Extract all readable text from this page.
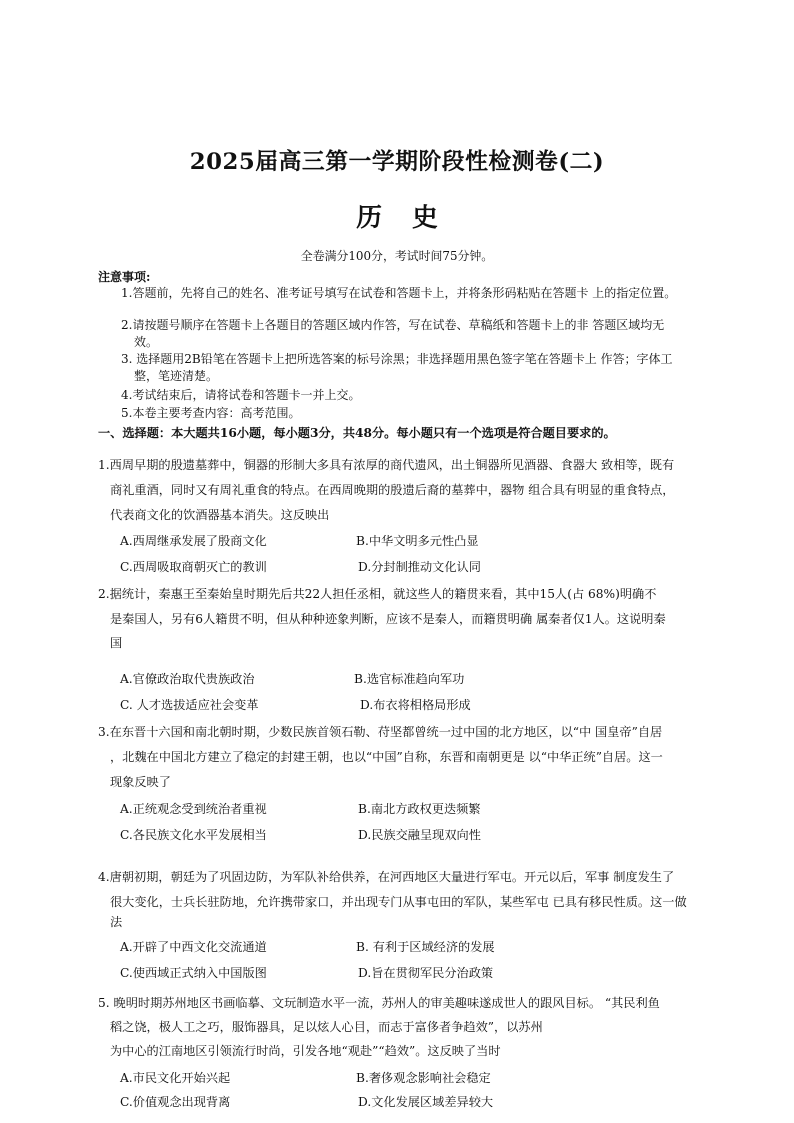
2025届高三第一学期阶段性检测卷(二)
历史
全卷满分100分，考试时间75分钟。
注意事项:
1.答题前，先将自己的姓名、准考证号填写在试卷和答题卡上，并将条形码粘贴在答题卡 上的指定位置。
2.请按题号顺序在答题卡上各题目的答题区域内作答，写在试卷、草稿纸和答题卡上的非 答题区域均无
效。
3. 选择题用2B铅笔在答题卡上把所选答案的标号涂黑；非选择题用黑色签字笔在答题卡上 作答；字体工
整，笔迹清楚。
4.考试结束后，请将试卷和答题卡一并上交。
5.本卷主要考查内容：高考范围。
一、选择题：本大题共16小题，每小题3分，共48分。每小题只有一个选项是符合题目要求的。
1.西周早期的殷遗墓葬中，铜器的形制大多具有浓厚的商代遗风，出土铜器所见酒器、食器大 致相等，既有
商礼重酒，同时又有周礼重食的特点。在西周晚期的殷遗后裔的墓葬中，器物 组合具有明显的重食特点，
代表商文化的饮酒器基本消失。这反映出
A.西周继承发展了殷商文化	B.中华文明多元性凸显
C.西周吸取商朝灭亡的教训	D.分封制推动文化认同
2.据统计，秦惠王至秦始皇时期先后共22人担任丞相，就这些人的籍贯来看，其中15人(占 68%)明确不
是秦国人，另有6人籍贯不明，但从种种迹象判断，应该不是秦人，而籍贯明确 属秦者仅1人。这说明秦
国
A.官僚政治取代贵族政治	B.选官标准趋向军功
C. 人才选拔适应社会变革	D.布衣将相格局形成
3.在东晋十六国和南北朝时期，少数民族首领石勒、苻坚都曾统一过中国的北方地区，以“中 国皇帝”自居
，北魏在中国北方建立了稳定的封建王朝，也以“中国”自称，东晋和南朝更是 以“中华正统”自居。这一
现象反映了
A.正统观念受到统治者重视	B.南北方政权更迭频繁
C.各民族文化水平发展相当	D.民族交融呈现双向性
4.唐朝初期，朝廷为了巩固边防，为军队补给供养，在河西地区大量进行军屯。开元以后，军事 制度发生了
很大变化，士兵长驻防地，允许携带家口，并出现专门从事屯田的军队，某些军屯 已具有移民性质。这一做
法
A.开辟了中西文化交流通道	B. 有利于区域经济的发展
C.使西域正式纳入中国版图	D.旨在贯彻军民分治政策
5. 晚明时期苏州地区书画临摹、文玩制造水平一流，苏州人的审美趣味遂成世人的跟风目标。 “其民利鱼
稻之饶，极人工之巧，服饰器具，足以炫人心目，而志于富侈者争趋效”，以苏州
为中心的江南地区引领流行时尚，引发各地“观赴”“趋效”。这反映了当时
A.市民文化开始兴起	B.奢侈观念影响社会稳定
C.价值观念出现背离	D.文化发展区域差异较大
